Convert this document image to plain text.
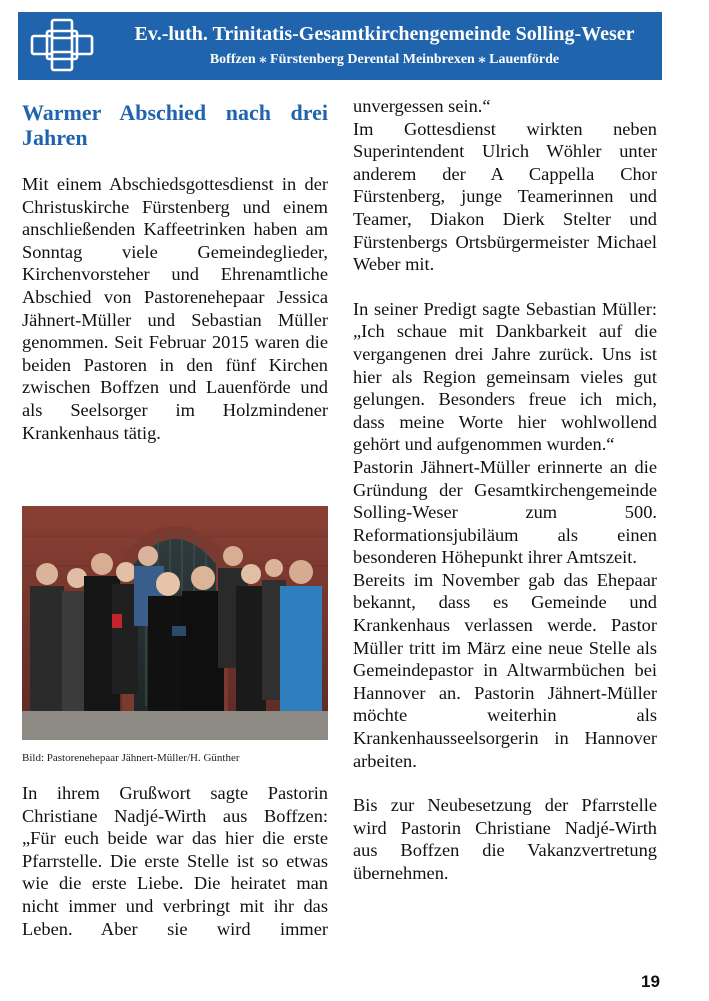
Ev.-luth. Trinitatis-Gesamtkirchengemeinde Solling-Weser
Boffzen ⁎ Fürstenberg Derental Meinbrexen ⁎ Lauenförde
Warmer Abschied nach drei Jahren

Mit einem Abschiedsgottesdienst in der Christuskirche Fürstenberg und einem anschließenden Kaffeetrinken haben am Sonntag viele Gemeindeglieder, Kirchenvorsteher und Ehrenamtliche Abschied von Pastorenehepaar Jessica Jähnert-Müller und Sebastian Müller genommen. Seit Februar 2015 waren die beiden Pastoren in den fünf Kirchen zwischen Boffzen und Lauenförde und als Seelsorger im Holzmindener Krankenhaus tätig.

Bild: Pastorenehepaar Jähnert-Müller/H. Günther

In ihrem Grußwort sagte Pastorin Christiane Nadjé-Wirth aus Boffzen: „Für euch beide war das hier die erste Pfarrstelle. Die erste Stelle ist so etwas wie die erste Liebe. Die heiratet man nicht immer und verbringt mit ihr das Leben. Aber sie wird immer

unvergessen sein.“

Im Gottesdienst wirkten neben Superintendent Ulrich Wöhler unter anderem der A Cappella Chor Fürstenberg, junge Teamerinnen und Teamer, Diakon Dierk Stelter und Fürstenbergs Ortsbürgermeister Michael Weber mit.

In seiner Predigt sagte Sebastian Müller: „Ich schaue mit Dankbarkeit auf die vergangenen drei Jahre zurück. Uns ist hier als Region gemeinsam vieles gut gelungen. Besonders freue ich mich, dass meine Worte hier wohlwollend gehört und aufgenommen wurden.“

Pastorin Jähnert-Müller erinnerte an die Gründung der Gesamtkirchengemeinde Solling-Weser zum 500. Reformationsjubiläum als einen besonderen Höhepunkt ihrer Amtszeit.

Bereits im November gab das Ehepaar bekannt, dass es Gemeinde und Krankenhaus verlassen werde. Pastor Müller tritt im März eine neue Stelle als Gemeindepastor in Altwarmbüchen bei Hannover an. Pastorin Jähnert-Müller möchte weiterhin als Krankenhausseelsorgerin in Hannover arbeiten.

Bis zur Neubesetzung der Pfarrstelle wird Pastorin Christiane Nadjé-Wirth aus Boffzen die Vakanzvertretung übernehmen.

19
